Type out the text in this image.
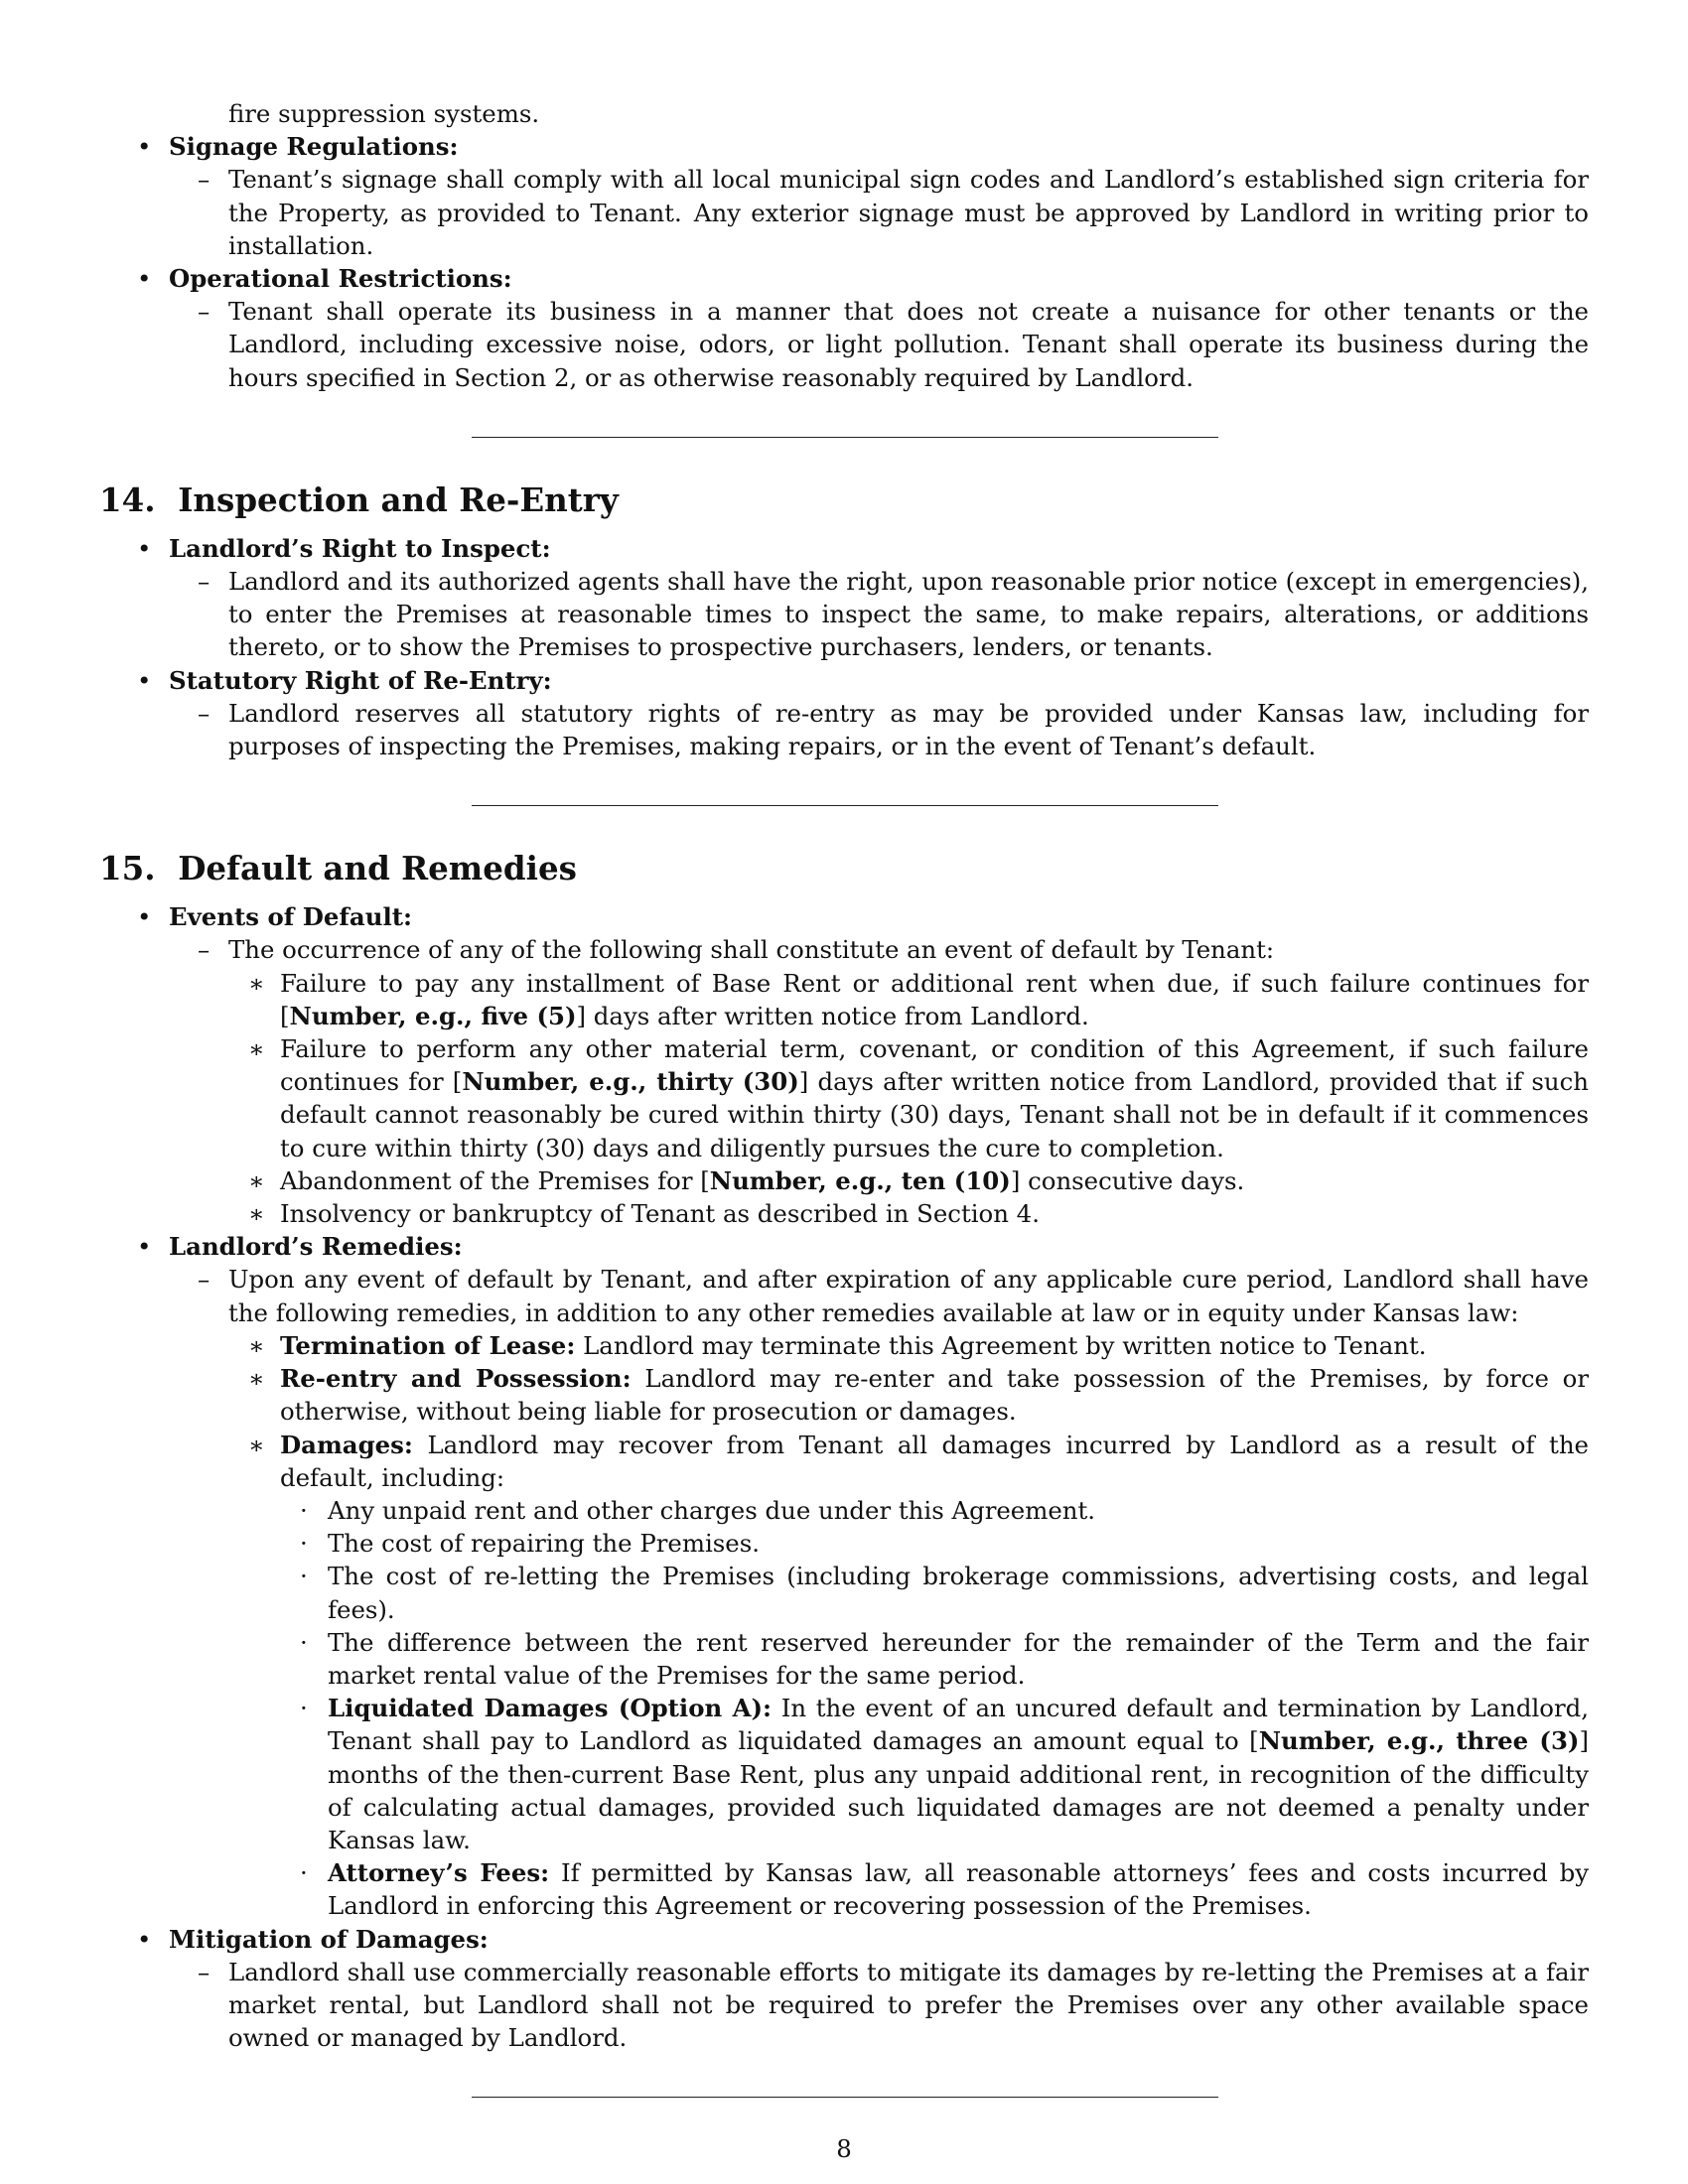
fire suppression systems.

• Signage Regulations:
– Tenant’s signage shall comply with all local municipal sign codes and Landlord’s established sign criteria for the Property, as provided to Tenant. Any exterior signage must be approved by Landlord in writing prior to installation.
• Operational Restrictions:
– Tenant shall operate its business in a manner that does not create a nuisance for other tenants or the Landlord, including excessive noise, odors, or light pollution. Tenant shall operate its business during the hours specified in Section 2, or as otherwise reasonably required by Landlord.
14. Inspection and Re-Entry
• Landlord’s Right to Inspect:
– Landlord and its authorized agents shall have the right, upon reasonable prior notice (except in emergencies), to enter the Premises at reasonable times to inspect the same, to make repairs, alterations, or additions thereto, or to show the Premises to prospective purchasers, lenders, or tenants.
• Statutory Right of Re-Entry:
– Landlord reserves all statutory rights of re-entry as may be provided under Kansas law, including for purposes of inspecting the Premises, making repairs, or in the event of Tenant’s default.
15. Default and Remedies
• Events of Default:
– The occurrence of any of the following shall constitute an event of default by Tenant:
∗ Failure to pay any installment of Base Rent or additional rent when due, if such failure continues for [Number, e.g., five (5)] days after written notice from Landlord.
∗ Failure to perform any other material term, covenant, or condition of this Agreement, if such failure continues for [Number, e.g., thirty (30)] days after written notice from Landlord, provided that if such default cannot reasonably be cured within thirty (30) days, Tenant shall not be in default if it commences to cure within thirty (30) days and diligently pursues the cure to completion.
∗ Abandonment of the Premises for [Number, e.g., ten (10)] consecutive days.
∗ Insolvency or bankruptcy of Tenant as described in Section 4.
• Landlord’s Remedies:
– Upon any event of default by Tenant, and after expiration of any applicable cure period, Landlord shall have the following remedies, in addition to any other remedies available at law or in equity under Kansas law:
∗ Termination of Lease: Landlord may terminate this Agreement by written notice to Tenant.
∗ Re-entry and Possession: Landlord may re-enter and take possession of the Premises, by force or otherwise, without being liable for prosecution or damages.
∗ Damages: Landlord may recover from Tenant all damages incurred by Landlord as a result of the default, including:
· Any unpaid rent and other charges due under this Agreement.
· The cost of repairing the Premises.
· The cost of re-letting the Premises (including brokerage commissions, advertising costs, and legal fees).
· The difference between the rent reserved hereunder for the remainder of the Term and the fair market rental value of the Premises for the same period.
· Liquidated Damages (Option A): In the event of an uncured default and termination by Landlord, Tenant shall pay to Landlord as liquidated damages an amount equal to [Number, e.g., three (3)] months of the then-current Base Rent, plus any unpaid additional rent, in recognition of the difficulty of calculating actual damages, provided such liquidated damages are not deemed a penalty under Kansas law.
· Attorney’s Fees: If permitted by Kansas law, all reasonable attorneys’ fees and costs incurred by Landlord in enforcing this Agreement or recovering possession of the Premises.
• Mitigation of Damages:
– Landlord shall use commercially reasonable efforts to mitigate its damages by re-letting the Premises at a fair market rental, but Landlord shall not be required to prefer the Premises over any other available space owned or managed by Landlord.
8
